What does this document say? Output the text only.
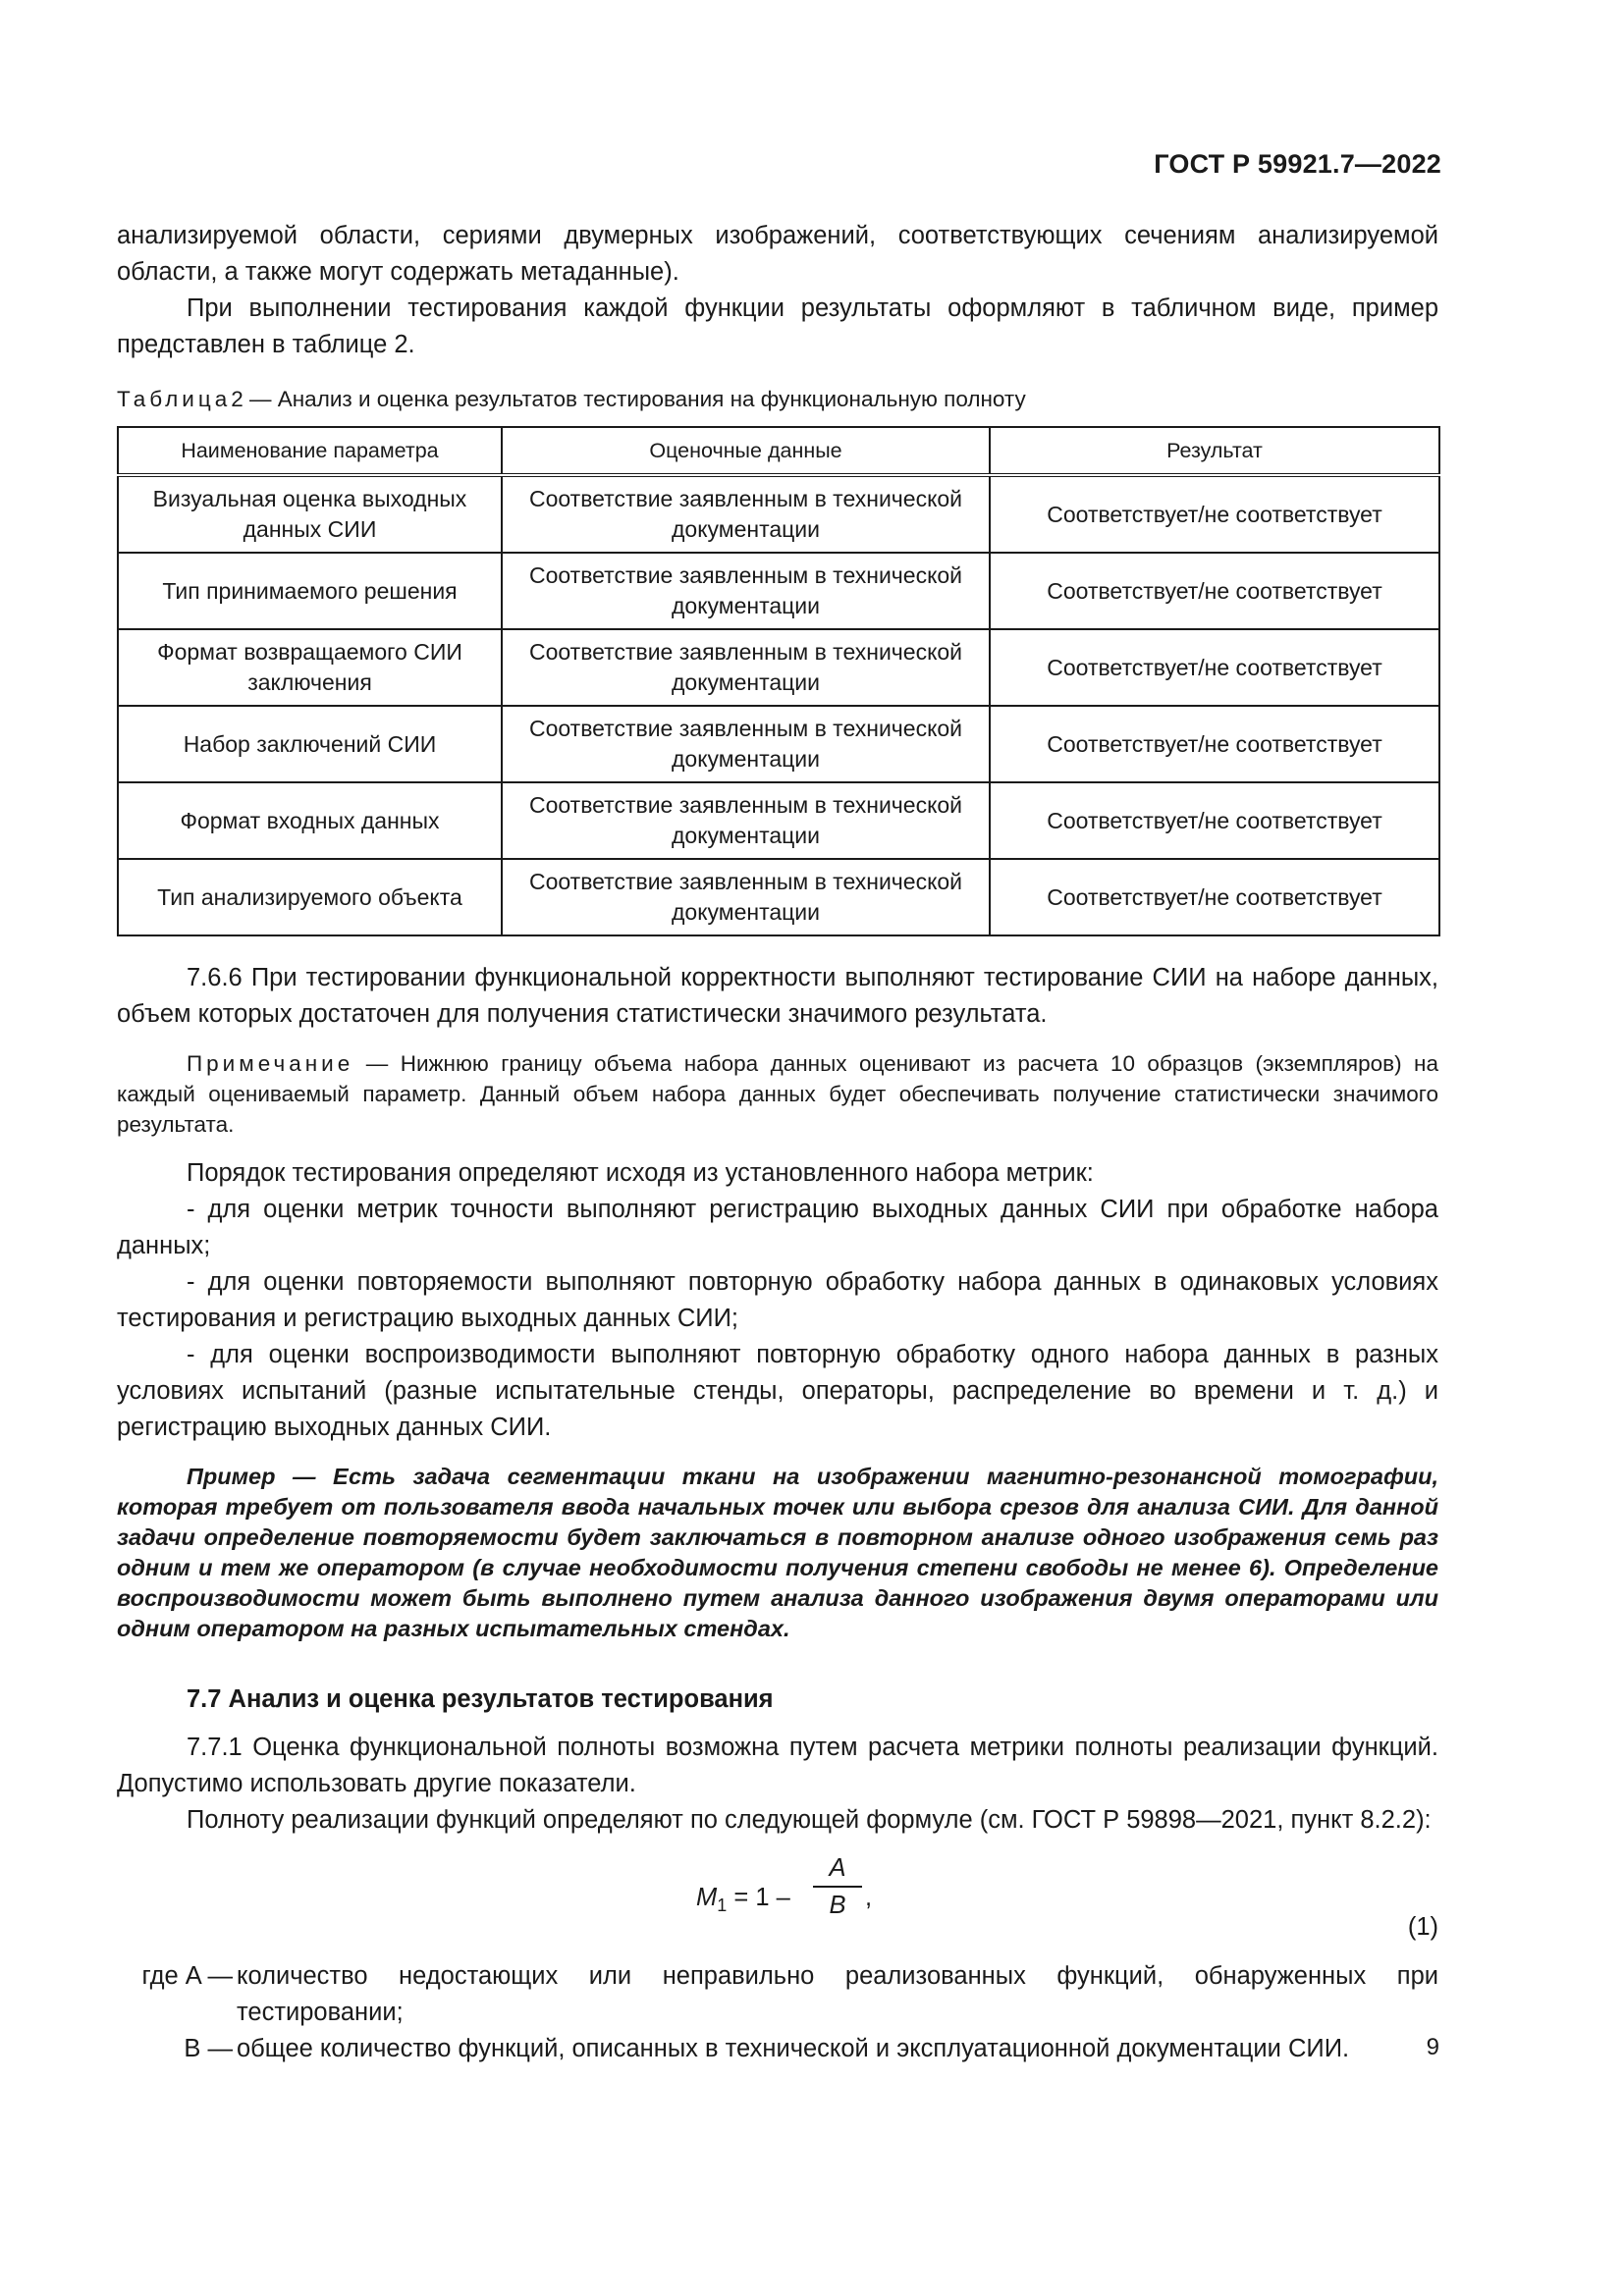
ГОСТ Р 59921.7—2022

анализируемой области, сериями двумерных изображений, соответствующих сечениям анализируемой области, а также могут содержать метаданные).

При выполнении тестирования каждой функции результаты оформляют в табличном виде, пример представлен в таблице 2.

Таблица2 — Анализ и оценка результатов тестирования на функциональную полноту
Наименование параметра	Оценочные данные	Результат
Визуальная оценка выходных данных СИИ	Соответствие заявленным в технической документации	Соответствует/не соответствует
Тип принимаемого решения	Соответствие заявленным в технической документации	Соответствует/не соответствует
Формат возвращаемого СИИ заключения	Соответствие заявленным в технической документации	Соответствует/не соответствует
Набор заключений СИИ	Соответствие заявленным в технической документации	Соответствует/не соответствует
Формат входных данных	Соответствие заявленным в технической документации	Соответствует/не соответствует
Тип анализируемого объекта	Соответствие заявленным в технической документации	Соответствует/не соответствует

7.6.6 При тестировании функциональной корректности выполняют тестирование СИИ на наборе данных, объем которых достаточен для получения статистически значимого результата.

Примечание — Нижнюю границу объема набора данных оценивают из расчета 10 образцов (экземпляров) на каждый оцениваемый параметр. Данный объем набора данных будет обеспечивать получение статистически значимого результата.

Порядок тестирования определяют исходя из установленного набора метрик:

- для оценки метрик точности выполняют регистрацию выходных данных СИИ при обработке набора данных;

- для оценки повторяемости выполняют повторную обработку набора данных в одинаковых условиях тестирования и регистрацию выходных данных СИИ;

- для оценки воспроизводимости выполняют повторную обработку одного набора данных в разных условиях испытаний (разные испытательные стенды, операторы, распределение во времени и т. д.) и регистрацию выходных данных СИИ.

Пример — Есть задача сегментации ткани на изображении магнитно-резонансной томографии, которая требует от пользователя ввода начальных точек или выбора срезов для анализа СИИ. Для данной задачи определение повторяемости будет заключаться в повторном анализе одного изображения семь раз одним и тем же оператором (в случае необходимости получения степени свободы не менее 6). Определение воспроизводимости может быть выполнено путем анализа данного изображения двумя операторами или одним оператором на разных испытательных стендах.

7.7 Анализ и оценка результатов тестирования

7.7.1 Оценка функциональной полноты возможна путем расчета метрики полноты реализации функций. Допустимо использовать другие показатели.

Полноту реализации функций определяют по следующей формуле (см. ГОСТ Р 59898—2021, пункт 8.2.2):

$M_1 = 1$ –
A
B ,
(1)
где A — количество недостающих или неправильно реализованных функций, обнаруженных при тестировании;
B — общее количество функций, описанных в технической и эксплуатационной документации СИИ.	9
